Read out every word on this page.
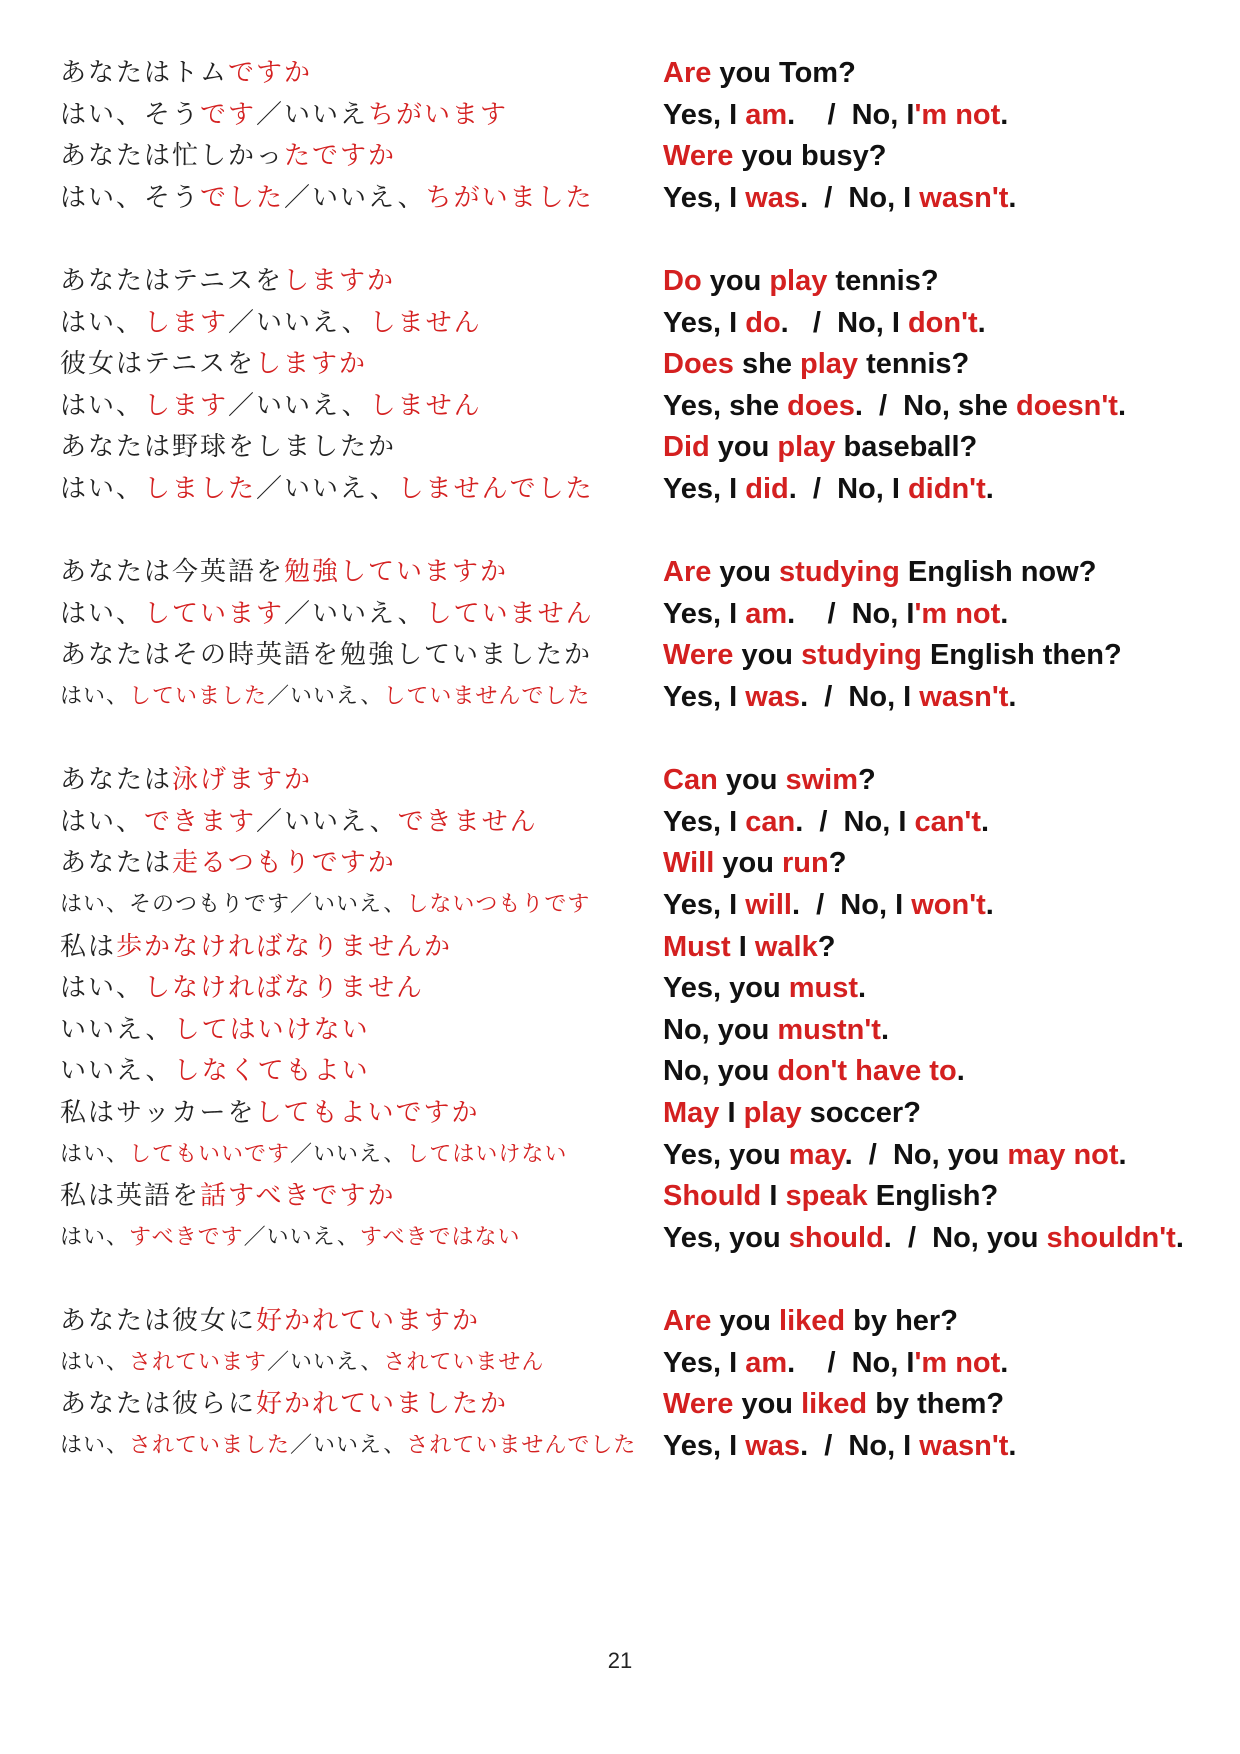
あなたはトムですか	Are you Tom?
はい、そうです／いいえちがいます	Yes, I am.    /  No, I'm not.
あなたは忙しかったですか	Were you busy?
はい、そうでした／いいえ、ちがいました	Yes, I was.  /  No, I wasn't.
あなたはテニスをしますか	Do you play tennis?
はい、します／いいえ、しません	Yes, I do.   /  No, I don't.
彼女はテニスをしますか	Does she play tennis?
はい、します／いいえ、しません	Yes, she does.  /  No, she doesn't.
あなたは野球をしましたか	Did you play baseball?
はい、しました／いいえ、しませんでした	Yes, I did.  /  No, I didn't.
あなたは今英語を勉強していますか	Are you studying English now?
はい、しています／いいえ、していません	Yes, I am.    /  No, I'm not.
あなたはその時英語を勉強していましたか	Were you studying English then?
はい、していました／いいえ、していませんでした	Yes, I was.  /  No, I wasn't.
あなたは泳げますか	Can you swim?
はい、できます／いいえ、できません	Yes, I can.  /  No, I can't.
あなたは走るつもりですか	Will you run?
はい、そのつもりです／いいえ、しないつもりです	Yes, I will.  /  No, I won't.
私は歩かなければなりませんか	Must I walk?
はい、しなければなりません	Yes, you must.
いいえ、してはいけない	No, you mustn't.
いいえ、しなくてもよい	No, you don't have to.
私はサッカーをしてもよいですか	May I play soccer?
はい、してもいいです／いいえ、してはいけない	Yes, you may.  /  No, you may not.
私は英語を話すべきですか	Should I speak English?
はい、すべきです／いいえ、すべきではない	Yes, you should.  /  No, you shouldn't.
あなたは彼女に好かれていますか	Are you liked by her?
はい、されています／いいえ、されていません	Yes, I am.    /  No, I'm not.
あなたは彼らに好かれていましたか	Were you liked by them?
はい、されていました／いいえ、されていませんでした Yes, I was.  /  No, I wasn't.
21
